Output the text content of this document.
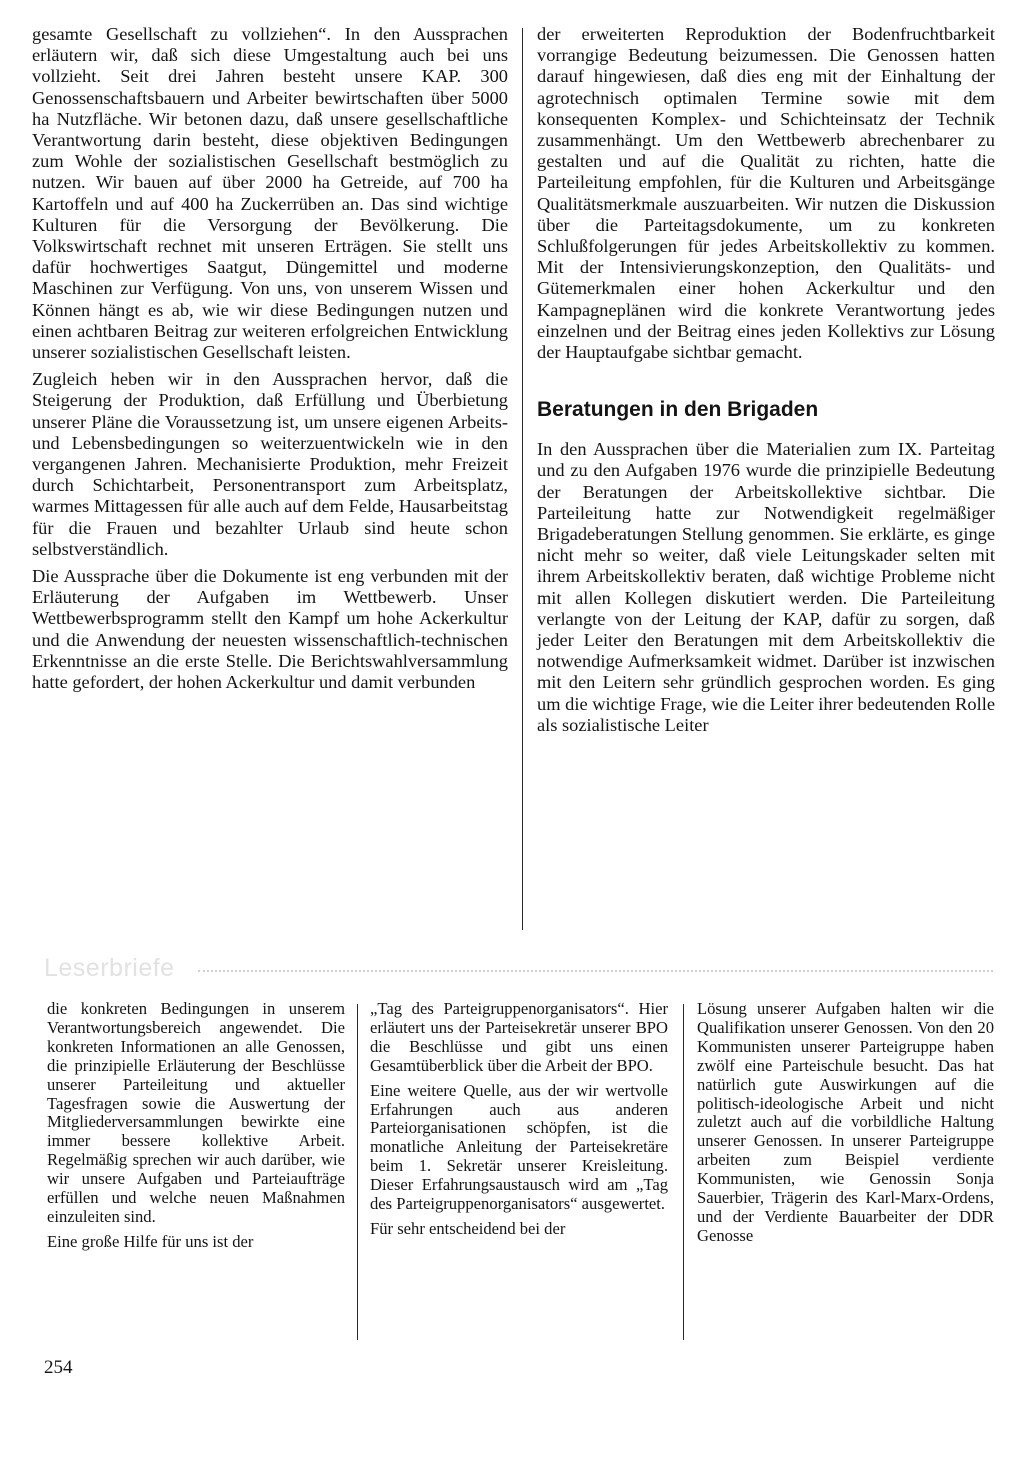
gesamte Gesellschaft zu vollziehen“. In den Aussprachen erläutern wir, daß sich diese Umgestaltung auch bei uns vollzieht. Seit drei Jahren besteht unsere KAP. 300 Genossenschaftsbauern und Arbeiter bewirtschaften über 5000 ha Nutzfläche. Wir betonen dazu, daß unsere gesellschaftliche Verantwortung darin besteht, diese objektiven Bedingungen zum Wohle der sozialistischen Gesellschaft bestmöglich zu nutzen. Wir bauen auf über 2000 ha Getreide, auf 700 ha Kartoffeln und auf 400 ha Zuckerrüben an. Das sind wichtige Kulturen für die Versorgung der Bevölkerung. Die Volkswirtschaft rechnet mit unseren Erträgen. Sie stellt uns dafür hochwertiges Saatgut, Düngemittel und moderne Maschinen zur Verfügung. Von uns, von unserem Wissen und Können hängt es ab, wie wir diese Bedingungen nutzen und einen achtbaren Beitrag zur weiteren erfolgreichen Entwicklung unserer sozialistischen Gesellschaft leisten.

Zugleich heben wir in den Aussprachen hervor, daß die Steigerung der Produktion, daß Erfüllung und Überbietung unserer Pläne die Voraussetzung ist, um unsere eigenen Arbeits- und Lebensbedingungen so weiterzuentwickeln wie in den vergangenen Jahren. Mechanisierte Produktion, mehr Freizeit durch Schichtarbeit, Personentransport zum Arbeitsplatz, warmes Mittagessen für alle auch auf dem Felde, Hausarbeitstag für die Frauen und bezahlter Urlaub sind heute schon selbstverständlich.

Die Aussprache über die Dokumente ist eng verbunden mit der Erläuterung der Aufgaben im Wettbewerb. Unser Wettbewerbsprogramm stellt den Kampf um hohe Ackerkultur und die Anwendung der neuesten wissenschaftlich-technischen Erkenntnisse an die erste Stelle. Die Berichtswahlversammlung hatte gefordert, der hohen Ackerkultur und damit verbunden

der erweiterten Reproduktion der Bodenfruchtbarkeit vorrangige Bedeutung beizumessen. Die Genossen hatten darauf hingewiesen, daß dies eng mit der Einhaltung der agrotechnisch optimalen Termine sowie mit dem konsequenten Komplex- und Schichteinsatz der Technik zusammenhängt. Um den Wettbewerb abrechenbarer zu gestalten und auf die Qualität zu richten, hatte die Parteileitung empfohlen, für die Kulturen und Arbeitsgänge Qualitätsmerkmale auszuarbeiten. Wir nutzen die Diskussion über die Parteitagsdokumente, um zu konkreten Schlußfolgerungen für jedes Arbeitskollektiv zu kommen. Mit der Intensivierungskonzeption, den Qualitäts- und Gütemerkmalen einer hohen Ackerkultur und den Kampagneplänen wird die konkrete Verantwortung jedes einzelnen und der Beitrag eines jeden Kollektivs zur Lösung der Hauptaufgabe sichtbar gemacht.

Beratungen in den Brigaden

In den Aussprachen über die Materialien zum IX. Parteitag und zu den Aufgaben 1976 wurde die prinzipielle Bedeutung der Beratungen der Arbeitskollektive sichtbar. Die Parteileitung hatte zur Notwendigkeit regelmäßiger Brigadeberatungen Stellung genommen. Sie erklärte, es ginge nicht mehr so weiter, daß viele Leitungskader selten mit ihrem Arbeitskollektiv beraten, daß wichtige Probleme nicht mit allen Kollegen diskutiert werden. Die Parteileitung verlangte von der Leitung der KAP, dafür zu sorgen, daß jeder Leiter den Beratungen mit dem Arbeitskollektiv die notwendige Aufmerksamkeit widmet. Darüber ist inzwischen mit den Leitern sehr gründlich gesprochen worden. Es ging um die wichtige Frage, wie die Leiter ihrer bedeutenden Rolle als sozialistische Leiter

Leserbriefe

die konkreten Bedingungen in unserem Verantwortungsbereich angewendet. Die konkreten Informationen an alle Genossen, die prinzipielle Erläuterung der Beschlüsse unserer Parteileitung und aktueller Tagesfragen sowie die Auswertung der Mitgliederversammlungen bewirkte eine immer bessere kollektive Arbeit. Regelmäßig sprechen wir auch darüber, wie wir unsere Aufgaben und Parteiaufträge erfüllen und welche neuen Maßnahmen einzuleiten sind.

Eine große Hilfe für uns ist der

„Tag des Parteigruppenorganisators“. Hier erläutert uns der Parteisekretär unserer BPO die Beschlüsse und gibt uns einen Gesamtüberblick über die Arbeit der BPO.

Eine weitere Quelle, aus der wir wertvolle Erfahrungen auch aus anderen Parteiorganisationen schöpfen, ist die monatliche Anleitung der Parteisekretäre beim 1. Sekretär unserer Kreisleitung. Dieser Erfahrungsaustausch wird am „Tag des Parteigruppenorganisators“ ausgewertet.

Für sehr entscheidend bei der

Lösung unserer Aufgaben halten wir die Qualifikation unserer Genossen. Von den 20 Kommunisten unserer Parteigruppe haben zwölf eine Parteischule besucht. Das hat natürlich gute Auswirkungen auf die politisch-ideologische Arbeit und nicht zuletzt auch auf die vorbildliche Haltung unserer Genossen. In unserer Parteigruppe arbeiten zum Beispiel verdiente Kommunisten, wie Genossin Sonja Sauerbier, Trägerin des Karl-Marx-Ordens, und der Verdiente Bauarbeiter der DDR Genosse

254
